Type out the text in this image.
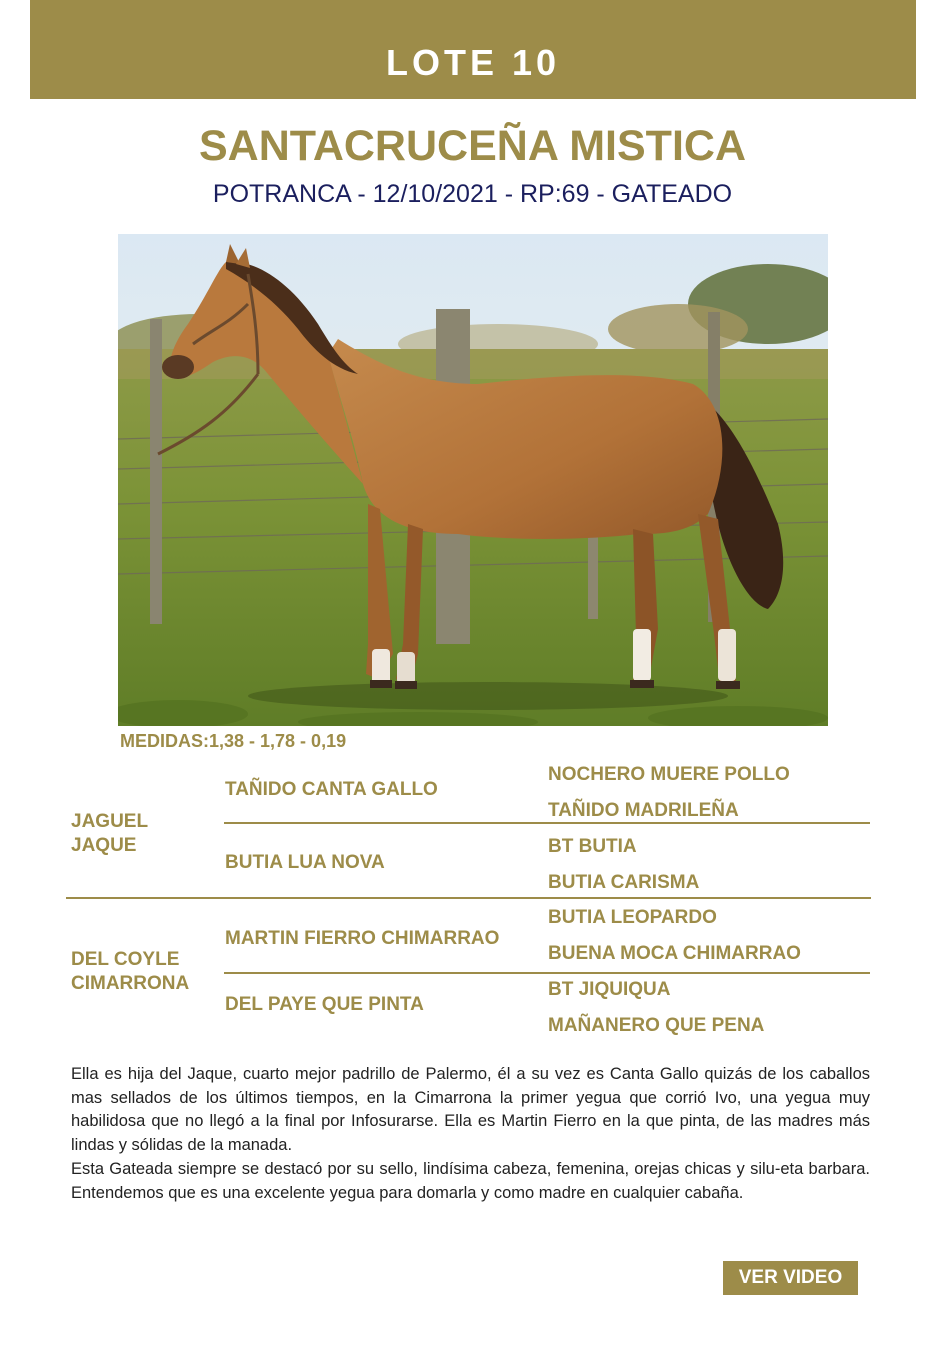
LOTE 10
SANTACRUCEÑA MISTICA
POTRANCA - 12/10/2021 - RP:69 - GATEADO
MEDIDAS:1,38 - 1,78 - 0,19
JAGUEL
JAQUE
TAÑIDO CANTA GALLO
NOCHERO MUERE POLLO
TAÑIDO MADRILEÑA
BUTIA LUA NOVA
BT BUTIA
BUTIA CARISMA
DEL COYLE
CIMARRONA
MARTIN FIERRO CHIMARRAO
BUTIA LEOPARDO
BUENA MOCA CHIMARRAO
DEL PAYE QUE PINTA
BT JIQUIQUA
MAÑANERO QUE PENA

Ella es hija del Jaque, cuarto mejor padrillo de Palermo, él a su vez es Canta Gallo quizás de los caballos mas sellados de los últimos tiempos, en la Cimarrona la primer yegua que corrió Ivo, una yegua muy habilidosa que no llegó a la final por Infosurarse. Ella es Martin Fierro en la que pinta, de las madres más lindas y sólidas de la manada.

Esta Gateada siempre se destacó por su sello, lindísima cabeza, femenina, orejas chicas y silu-eta barbara. Entendemos que es una excelente yegua para domarla y como madre en cualquier cabaña.

VER VIDEO
